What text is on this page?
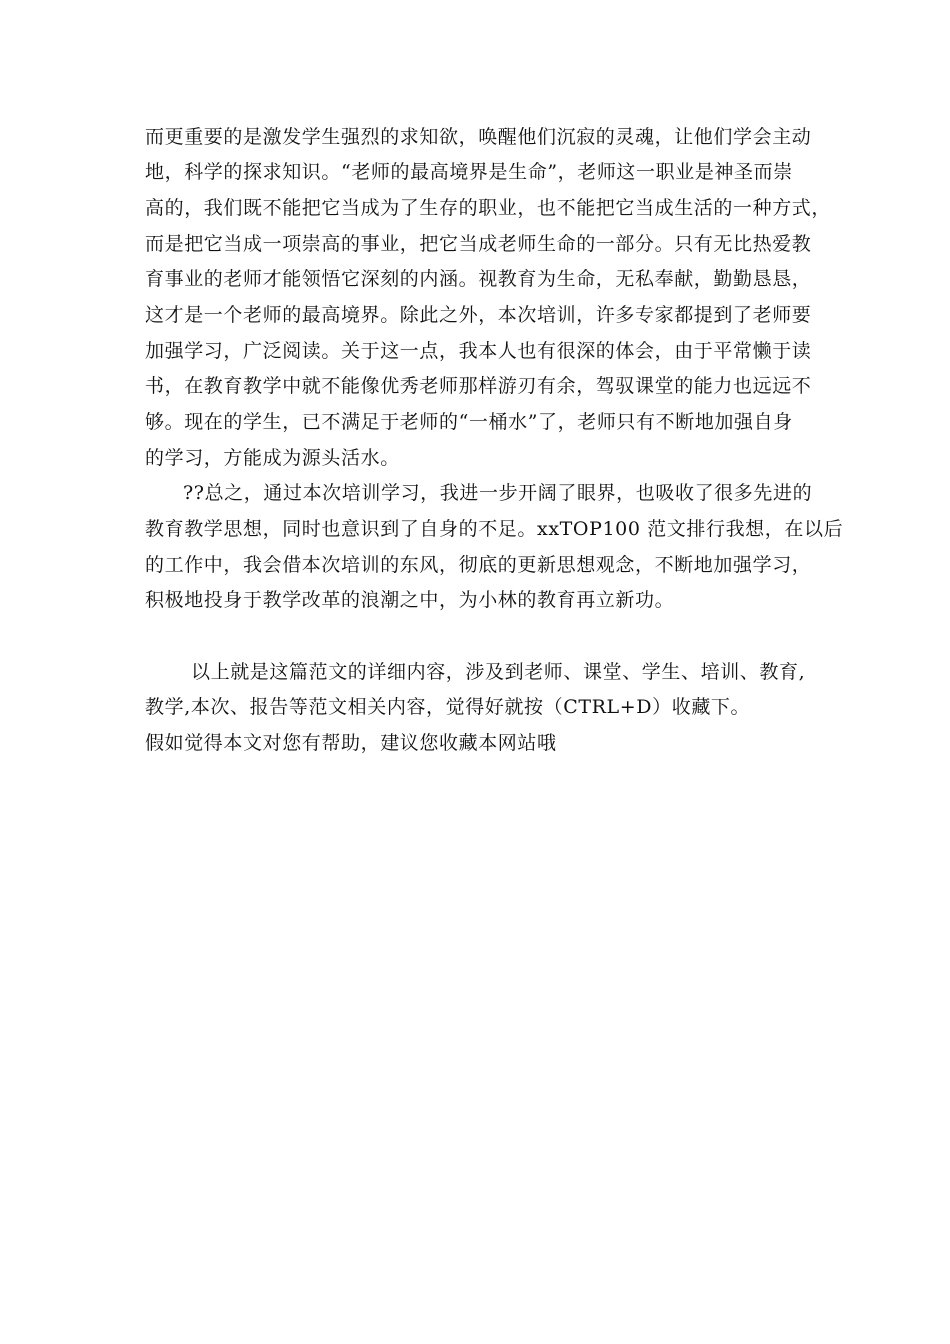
而更重要的是激发学生强烈的求知欲，唤醒他们沉寂的灵魂，让他们学会主动
地，科学的探求知识。“老师的最高境界是生命”，老师这一职业是神圣而崇
高的，我们既不能把它当成为了生存的职业，也不能把它当成生活的一种方式，
而是把它当成一项崇高的事业，把它当成老师生命的一部分。只有无比热爱教
育事业的老师才能领悟它深刻的内涵。视教育为生命，无私奉献，勤勤恳恳，
这才是一个老师的最高境界。除此之外，本次培训，许多专家都提到了老师要
加强学习，广泛阅读。关于这一点，我本人也有很深的体会，由于平常懒于读
书，在教育教学中就不能像优秀老师那样游刃有余，驾驭课堂的能力也远远不
够。现在的学生，已不满足于老师的“一桶水”了，老师只有不断地加强自身
的学习，方能成为源头活水。
??总之，通过本次培训学习，我进一步开阔了眼界，也吸收了很多先进的
教育教学思想，同时也意识到了自身的不足。xxTOP100 范文排行我想，在以后
的工作中，我会借本次培训的东风，彻底的更新思想观念，不断地加强学习，
积极地投身于教学改革的浪潮之中，为小林的教育再立新功。
以上就是这篇范文的详细内容，涉及到老师、课堂、学生、培训、教育,
教学,本次、报告等范文相关内容，觉得好就按（CTRL+D）收藏下。
假如觉得本文对您有帮助，建议您收藏本网站哦
